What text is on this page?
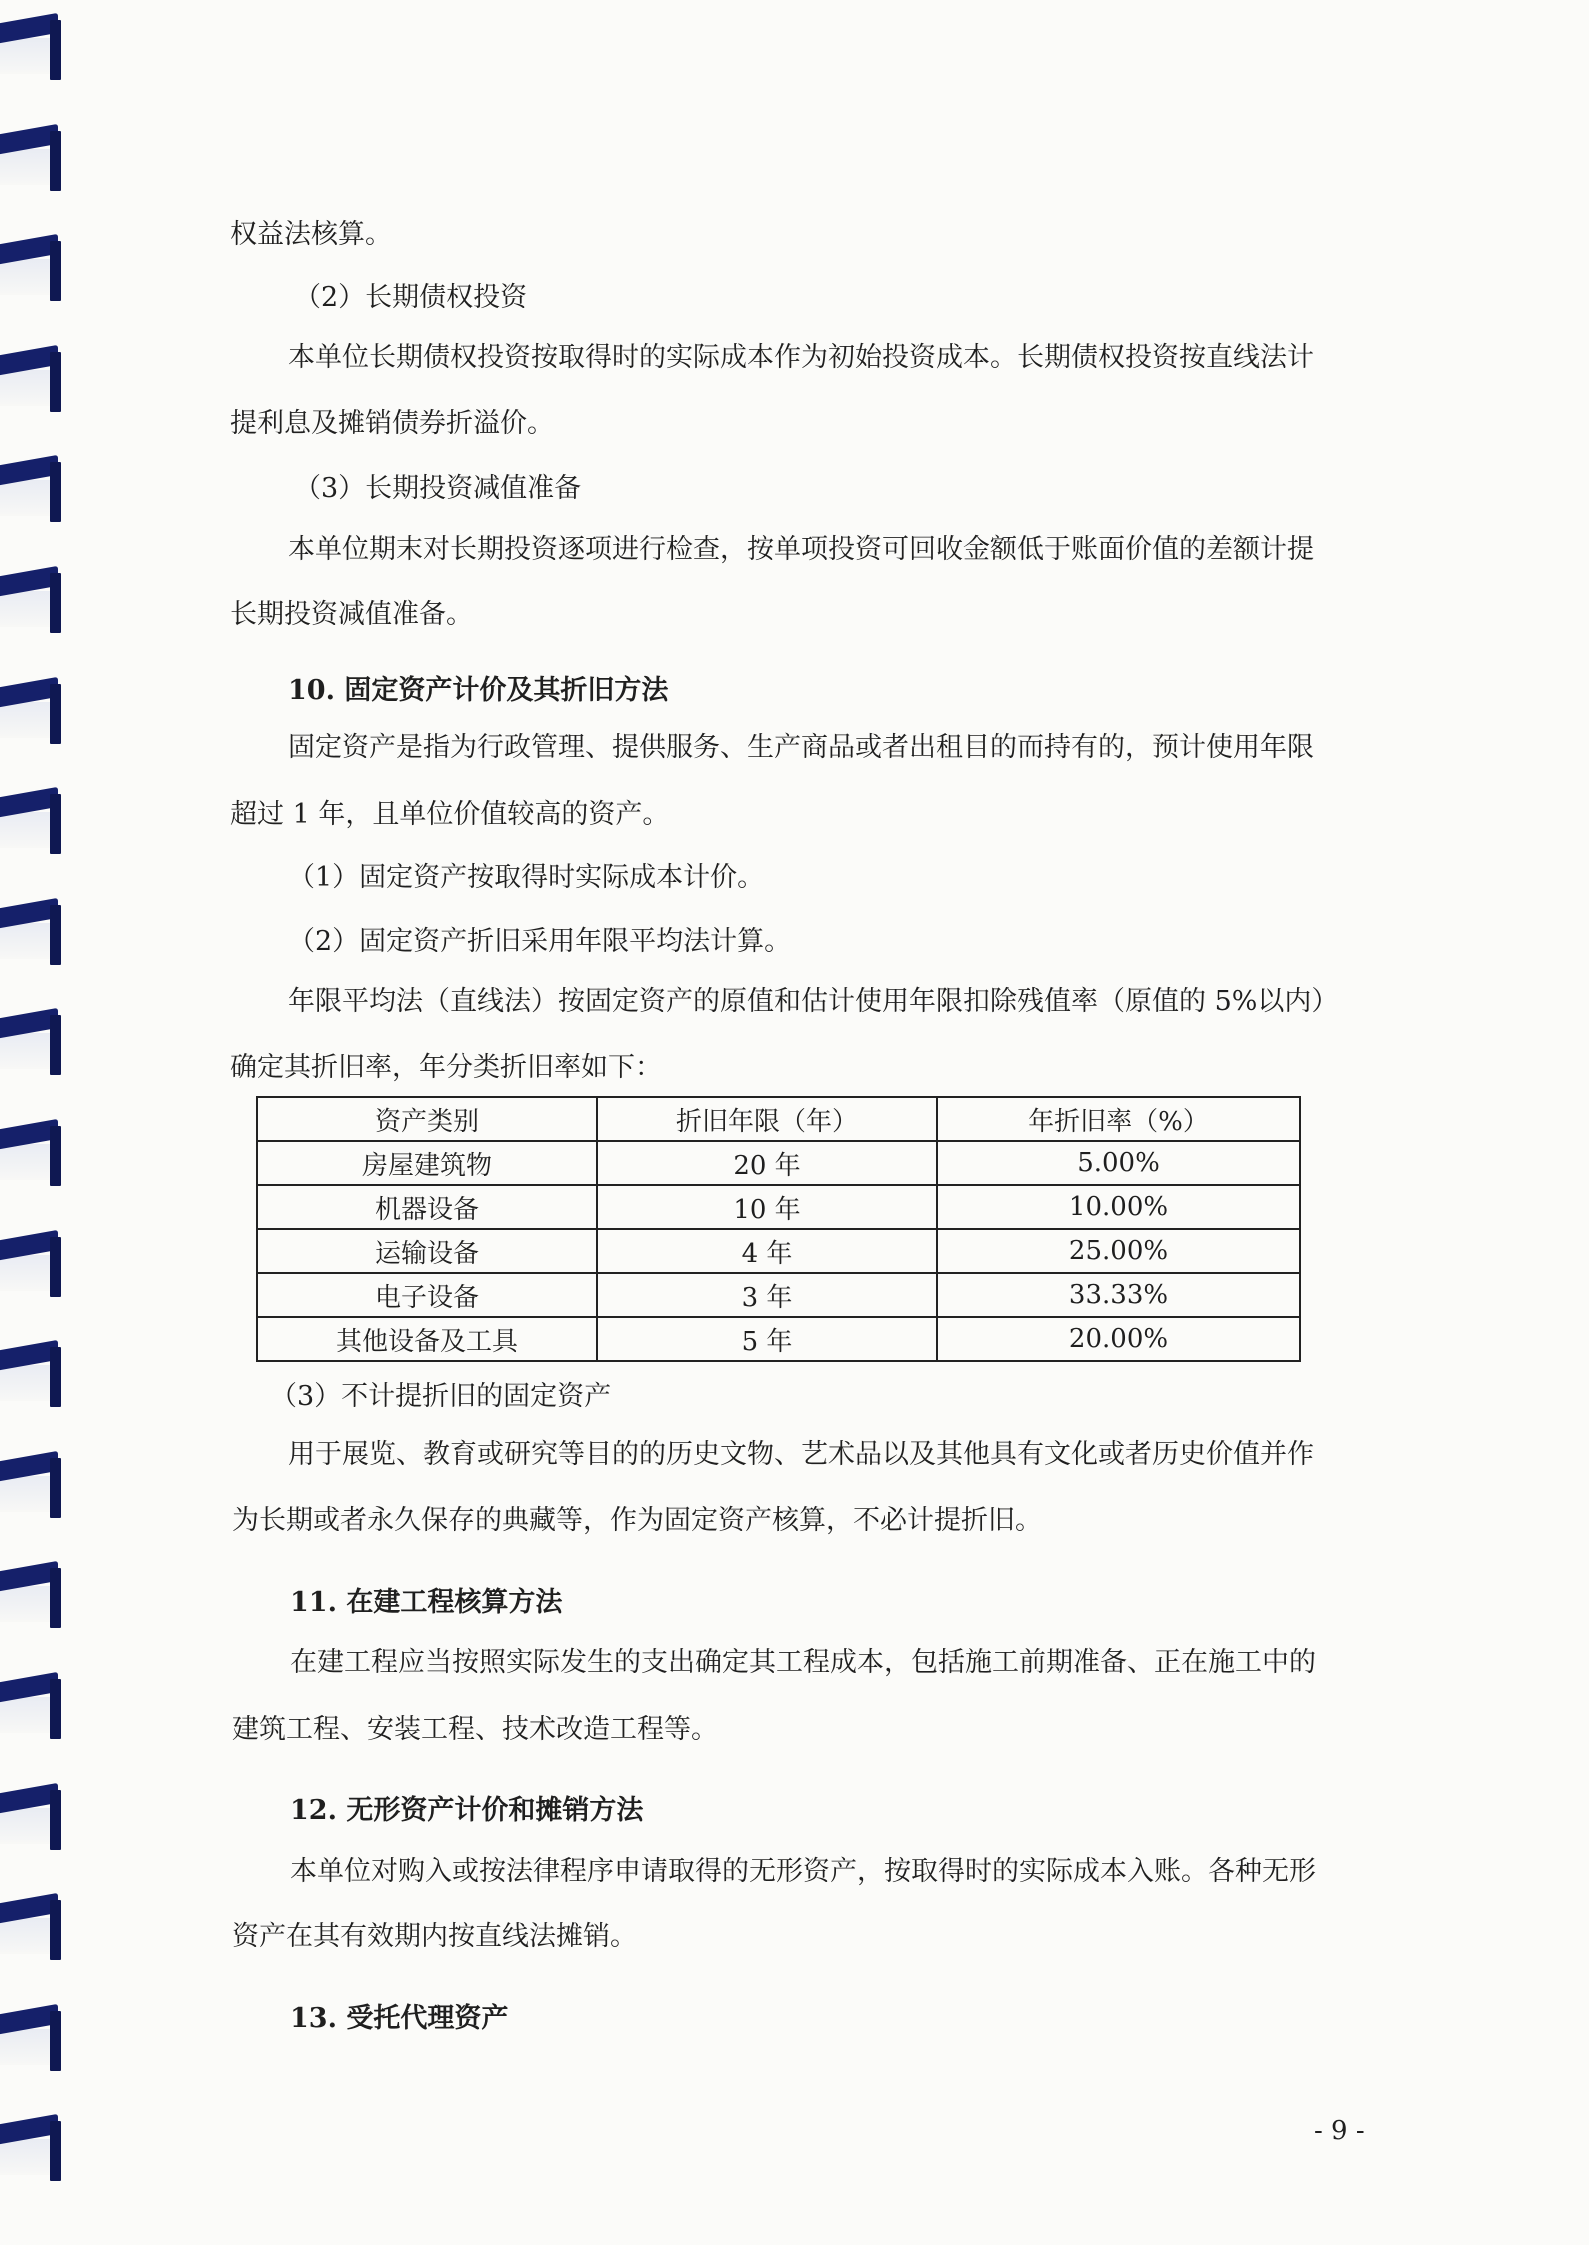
权益法核算。
（2）长期债权投资
本单位长期债权投资按取得时的实际成本作为初始投资成本。长期债权投资按直线法计
提利息及摊销债券折溢价。
（3）长期投资减值准备
本单位期末对长期投资逐项进行检查，按单项投资可回收金额低于账面价值的差额计提
长期投资减值准备。
10. 固定资产计价及其折旧方法
固定资产是指为行政管理、提供服务、生产商品或者出租目的而持有的，预计使用年限
超过 1 年，且单位价值较高的资产。
（1）固定资产按取得时实际成本计价。
（2）固定资产折旧采用年限平均法计算。
年限平均法（直线法）按固定资产的原值和估计使用年限扣除残值率（原值的 5%以内）
确定其折旧率，年分类折旧率如下：
资产类别	折旧年限（年）	年折旧率（%）
房屋建筑物	20 年	5.00%
机器设备	10 年	10.00%
运输设备	4 年	25.00%
电子设备	3 年	33.33%
其他设备及工具	5 年	20.00%
（3）不计提折旧的固定资产
用于展览、教育或研究等目的的历史文物、艺术品以及其他具有文化或者历史价值并作
为长期或者永久保存的典藏等，作为固定资产核算，不必计提折旧。
11. 在建工程核算方法
在建工程应当按照实际发生的支出确定其工程成本，包括施工前期准备、正在施工中的
建筑工程、安装工程、技术改造工程等。
12. 无形资产计价和摊销方法
本单位对购入或按法律程序申请取得的无形资产，按取得时的实际成本入账。各种无形
资产在其有效期内按直线法摊销。
13. 受托代理资产
- 9 -
